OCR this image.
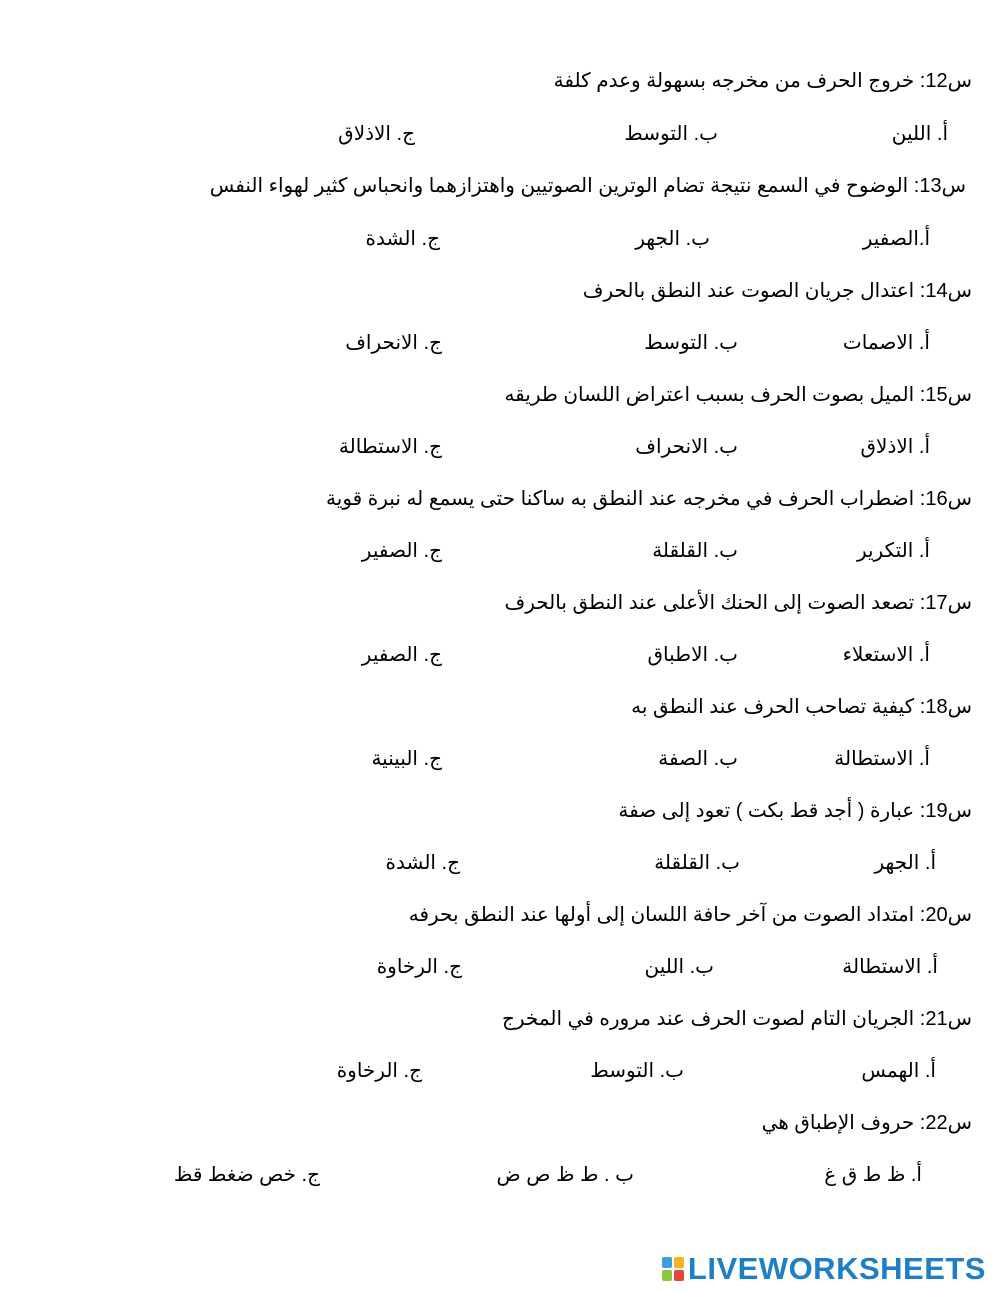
س12: خروج الحرف من مخرجه بسهولة وعدم كلفة
أ. اللين
ب. التوسط
ج. الاذلاق
س13: الوضوح في السمع نتيجة تضام الوترين الصوتيين واهتزازهما وانحباس كثير لهواء النفس
أ.الصفير
ب. الجهر
ج. الشدة
س14: اعتدال جريان الصوت عند النطق بالحرف
أ. الاصمات
ب. التوسط
ج. الانحراف
س15: الميل بصوت الحرف بسبب اعتراض اللسان طريقه
أ. الاذلاق
ب. الانحراف
ج. الاستطالة
س16: اضطراب الحرف في مخرجه عند النطق به ساكنا حتى يسمع له نبرة قوية
أ. التكرير
ب. القلقلة
ج. الصفير
س17: تصعد الصوت إلى الحنك الأعلى عند النطق بالحرف
أ. الاستعلاء
ب. الاطباق
ج. الصفير
س18: كيفية تصاحب الحرف عند النطق به
أ. الاستطالة
ب. الصفة
ج. البينية
س19: عبارة ( أجد قط بكت ) تعود إلى صفة
أ. الجهر
ب. القلقلة
ج. الشدة
س20: امتداد الصوت من آخر حافة اللسان إلى أولها عند النطق بحرفه
أ. الاستطالة
ب. اللين
ج. الرخاوة
س21: الجريان التام لصوت الحرف عند مروره في المخرج
أ. الهمس
ب. التوسط
ج. الرخاوة
س22: حروف الإطباق هي
أ. ظ ط ق غ
ب . ط ظ ص ض
ج. خص ضغط قظ
LIVEWORKSHEETS
